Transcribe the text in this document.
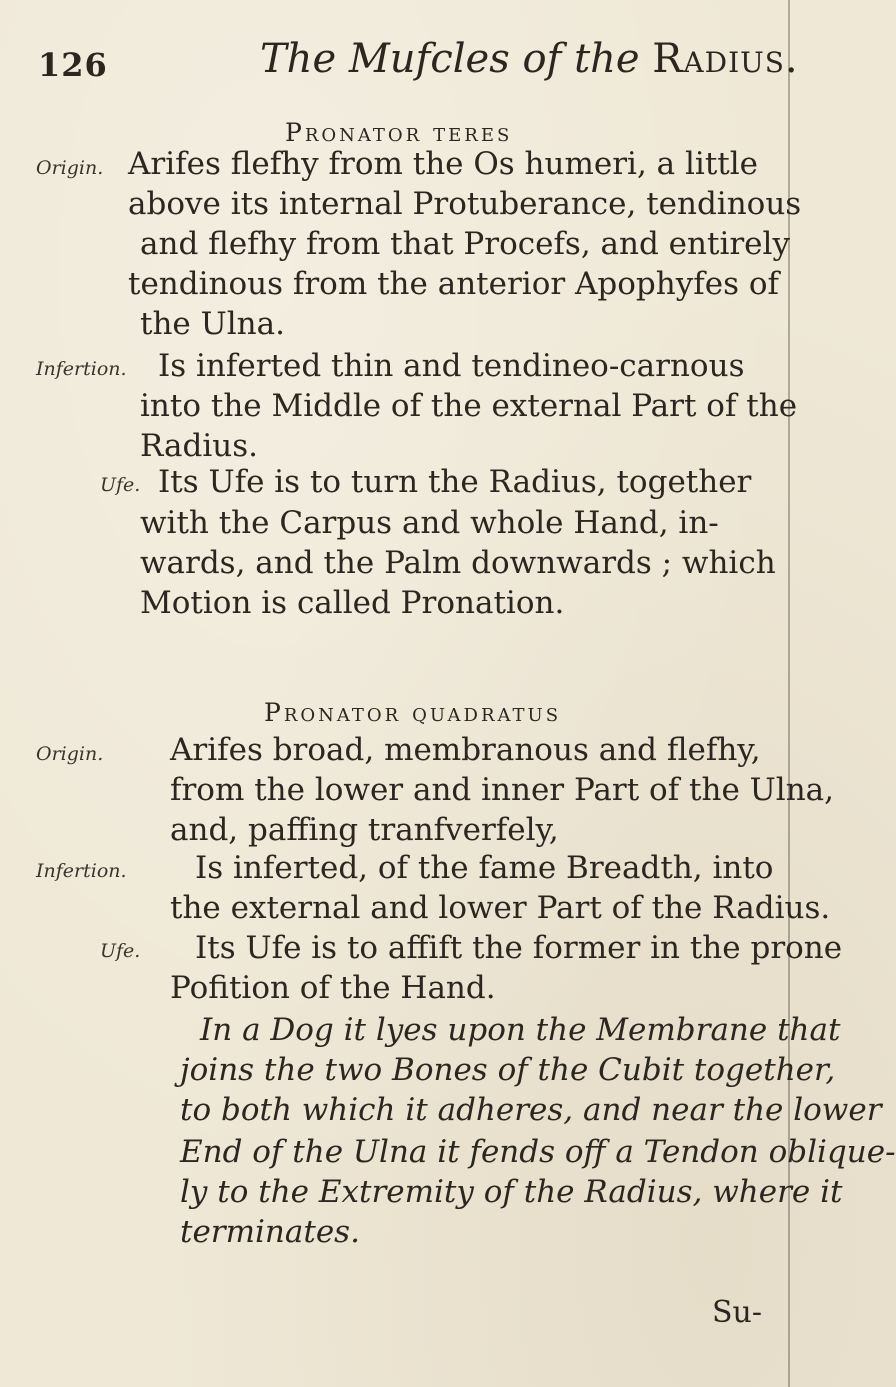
126	The Mufcles of the Radius.
Pronator teres
Origin. Arifes flefhy from the Os humeri, a little
above its internal Protuberance, tendinous
and flefhy from that Procefs, and entirely
tendinous from the anterior Apophyfes of
the Ulna.
Infertion. Is inferted thin and tendineo-carnous
into the Middle of the external Part of the
Radius.
Ufe. Its Ufe is to turn the Radius, together
with the Carpus and whole Hand, in-
wards, and the Palm downwards ; which
Motion is called Pronation.
Pronator quadratus
Origin. Arifes broad, membranous and flefhy,
from the lower and inner Part of the Ulna,
and, paffing tranfverfely,
Infertion. Is inferted, of the fame Breadth, into
the external and lower Part of the Radius.
Ufe. Its Ufe is to affift the former in the prone
Pofition of the Hand.
In a Dog it lyes upon the Membrane that
joins the two Bones of the Cubit together,
to both which it adheres, and near the lower
End of the Ulna it fends off a Tendon oblique-
ly to the Extremity of the Radius, where it
terminates.
Su-
